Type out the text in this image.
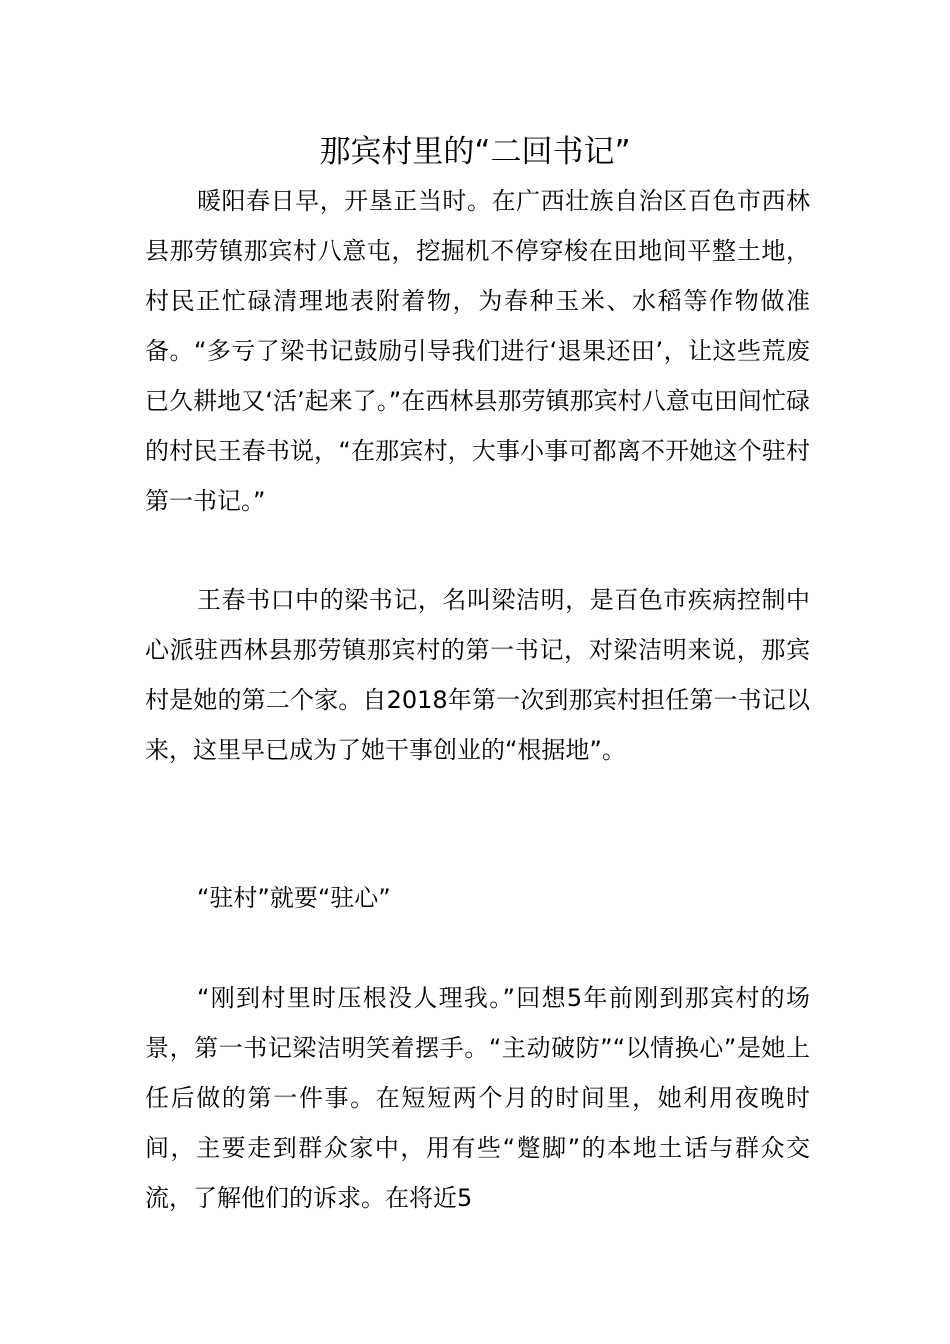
那宾村里的“二回书记”

暖阳春日早，开垦正当时。在广西壮族自治区百色市西林县那劳镇那宾村八意屯，挖掘机不停穿梭在田地间平整土地，村民正忙碌清理地表附着物，为春种玉米、水稻等作物做准备。“多亏了梁书记鼓励引导我们进行‘退果还田’，让这些荒废已久耕地又‘活’起来了。”在西林县那劳镇那宾村八意屯田间忙碌的村民王春书说，“在那宾村，大事小事可都离不开她这个驻村第一书记。”

王春书口中的梁书记，名叫梁洁明，是百色市疾病控制中心派驻西林县那劳镇那宾村的第一书记，对梁洁明来说，那宾村是她的第二个家。自2018年第一次到那宾村担任第一书记以来，这里早已成为了她干事创业的“根据地”。

“驻村”就要“驻心”

“刚到村里时压根没人理我。”回想5年前刚到那宾村的场景，第一书记梁洁明笑着摆手。“主动破防”“以情换心”是她上任后做的第一件事。在短短两个月的时间里，她利用夜晚时间，主要走到群众家中，用有些“蹩脚”的本地土话与群众交流，了解他们的诉求。在将近5
